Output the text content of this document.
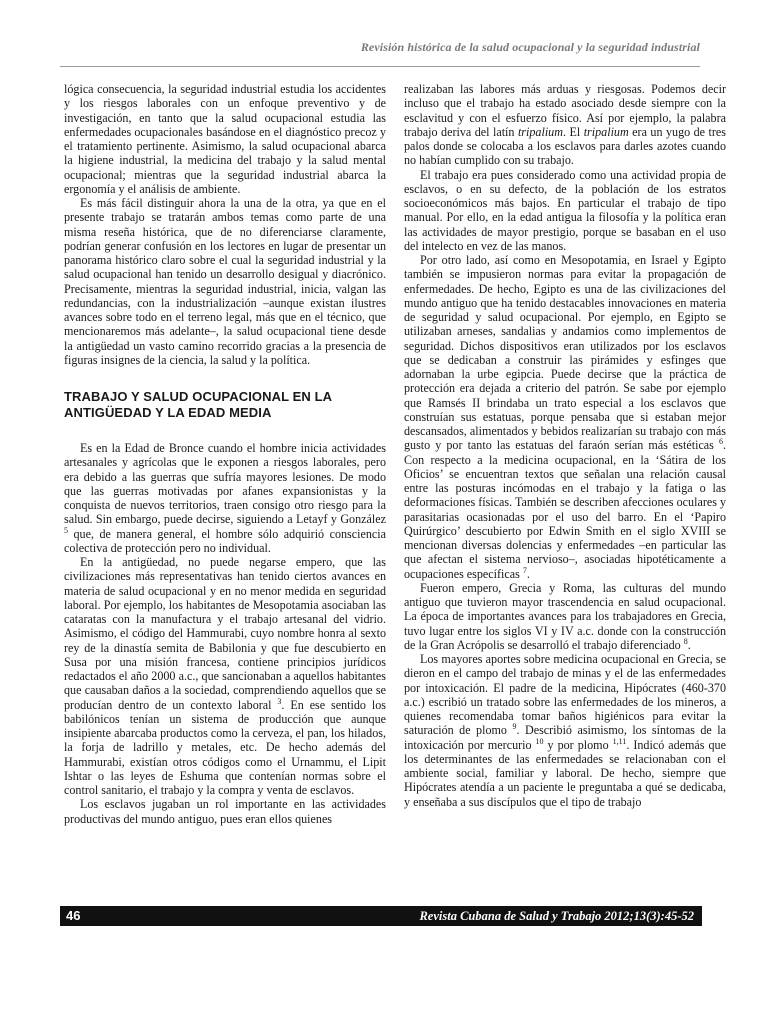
Revisión histórica de la salud ocupacional y la seguridad industrial

lógica consecuencia, la seguridad industrial estudia los accidentes y los riesgos laborales con un enfoque preventivo y de investigación, en tanto que la salud ocupacional estudia las enfermedades ocupacionales basándose en el diagnóstico precoz y el tratamiento pertinente. Asimismo, la salud ocupacional abarca la higiene industrial, la medicina del trabajo y la salud mental ocupacional; mientras que la seguridad industrial abarca la ergonomía y el análisis de ambiente.

Es más fácil distinguir ahora la una de la otra, ya que en el presente trabajo se tratarán ambos temas como parte de una misma reseña histórica, que de no diferenciarse claramente, podrían generar confusión en los lectores en lugar de presentar un panorama histórico claro sobre el cual la seguridad industrial y la salud ocupacional han tenido un desarrollo desigual y diacrónico. Precisamente, mientras la seguridad industrial, inicia, valgan las redundancias, con la industrialización –aunque existan ilustres avances sobre todo en el terreno legal, más que en el técnico, que mencionaremos más adelante–, la salud ocupacional tiene desde la antigüedad un vasto camino recorrido gracias a la presencia de figuras insignes de la ciencia, la salud y la política.

TRABAJO Y SALUD OCUPACIONAL EN LA ANTIGÜEDAD Y LA EDAD MEDIA

Es en la Edad de Bronce cuando el hombre inicia actividades artesanales y agrícolas que le exponen a riesgos laborales, pero era debido a las guerras que sufría mayores lesiones. De modo que las guerras motivadas por afanes expansionistas y la conquista de nuevos territorios, traen consigo otro riesgo para la salud. Sin embargo, puede decirse, siguiendo a Letayf y González $^5$ que, de manera general, el hombre sólo adquirió consciencia colectiva de protección pero no individual.

En la antigüedad, no puede negarse empero, que las civilizaciones más representativas han tenido ciertos avances en materia de salud ocupacional y en no menor medida en seguridad laboral. Por ejemplo, los habitantes de Mesopotamia asociaban las cataratas con la manufactura y el trabajo artesanal del vidrio. Asimismo, el código del Hammurabi, cuyo nombre honra al sexto rey de la dinastía semita de Babilonia y que fue descubierto en Susa por una misión francesa, contiene principios jurídicos redactados el año 2000 a.c., que sancionaban a aquellos habitantes que causaban daños a la sociedad, comprendiendo aquellos que se producían dentro de un contexto laboral $^3$. En ese sentido los babilónicos tenían un sistema de producción que aunque insipiente abarcaba productos como la cerveza, el pan, los hilados, la forja de ladrillo y metales, etc. De hecho además del Hammurabi, existían otros códigos como el Urnammu, el Lipit Ishtar o las leyes de Eshuma que contenían normas sobre el control sanitario, el trabajo y la compra y venta de esclavos.

Los esclavos jugaban un rol importante en las actividades productivas del mundo antiguo, pues eran ellos quienes

realizaban las labores más arduas y riesgosas. Podemos decir incluso que el trabajo ha estado asociado desde siempre con la esclavitud y con el esfuerzo físico. Así por ejemplo, la palabra trabajo deriva del latín tripalium. El tripalium era un yugo de tres palos donde se colocaba a los esclavos para darles azotes cuando no habían cumplido con su trabajo.

El trabajo era pues considerado como una actividad propia de esclavos, o en su defecto, de la población de los estratos socioeconómicos más bajos. En particular el trabajo de tipo manual. Por ello, en la edad antigua la filosofía y la política eran las actividades de mayor prestigio, porque se basaban en el uso del intelecto en vez de las manos.

Por otro lado, así como en Mesopotamia, en Israel y Egipto también se impusieron normas para evitar la propagación de enfermedades. De hecho, Egipto es una de las civilizaciones del mundo antiguo que ha tenido destacables innovaciones en materia de seguridad y salud ocupacional. Por ejemplo, en Egipto se utilizaban arneses, sandalias y andamios como implementos de seguridad. Dichos dispositivos eran utilizados por los esclavos que se dedicaban a construir las pirámides y esfinges que adornaban la urbe egipcia. Puede decirse que la práctica de protección era dejada a criterio del patrón. Se sabe por ejemplo que Ramsés II brindaba un trato especial a los esclavos que construían sus estatuas, porque pensaba que si estaban mejor descansados, alimentados y bebidos realizarían su trabajo con más gusto y por tanto las estatuas del faraón serían más estéticas $^6$. Con respecto a la medicina ocupacional, en la ‘Sátira de los Oficios’ se encuentran textos que señalan una relación causal entre las posturas incómodas en el trabajo y la fatiga o las deformaciones físicas. También se describen afecciones oculares y parasitarias ocasionadas por el uso del barro. En el ‘Papiro Quirúrgico’ descubierto por Edwin Smith en el siglo XVIII se mencionan diversas dolencias y enfermedades –en particular las que afectan el sistema nervioso–, asociadas hipotéticamente a ocupaciones específicas $^7$.

Fueron empero, Grecia y Roma, las culturas del mundo antiguo que tuvieron mayor trascendencia en salud ocupacional. La época de importantes avances para los trabajadores en Grecia, tuvo lugar entre los siglos VI y IV a.c. donde con la construcción de la Gran Acrópolis se desarrolló el trabajo diferenciado $^8$.

Los mayores aportes sobre medicina ocupacional en Grecia, se dieron en el campo del trabajo de minas y el de las enfermedades por intoxicación. El padre de la medicina, Hipócrates (460-370 a.c.) escribió un tratado sobre las enfermedades de los mineros, a quienes recomendaba tomar baños higiénicos para evitar la saturación de plomo $^9$. Describió asimismo, los síntomas de la intoxicación por mercurio $^{10}$ y por plomo $^{1,11}$. Indicó además que los determinantes de las enfermedades se relacionaban con el ambiente social, familiar y laboral. De hecho, siempre que Hipócrates atendía a un paciente le preguntaba a qué se dedicaba, y enseñaba a sus discípulos que el tipo de trabajo

46	Revista Cubana de Salud y Trabajo 2012;13(3):45-52
